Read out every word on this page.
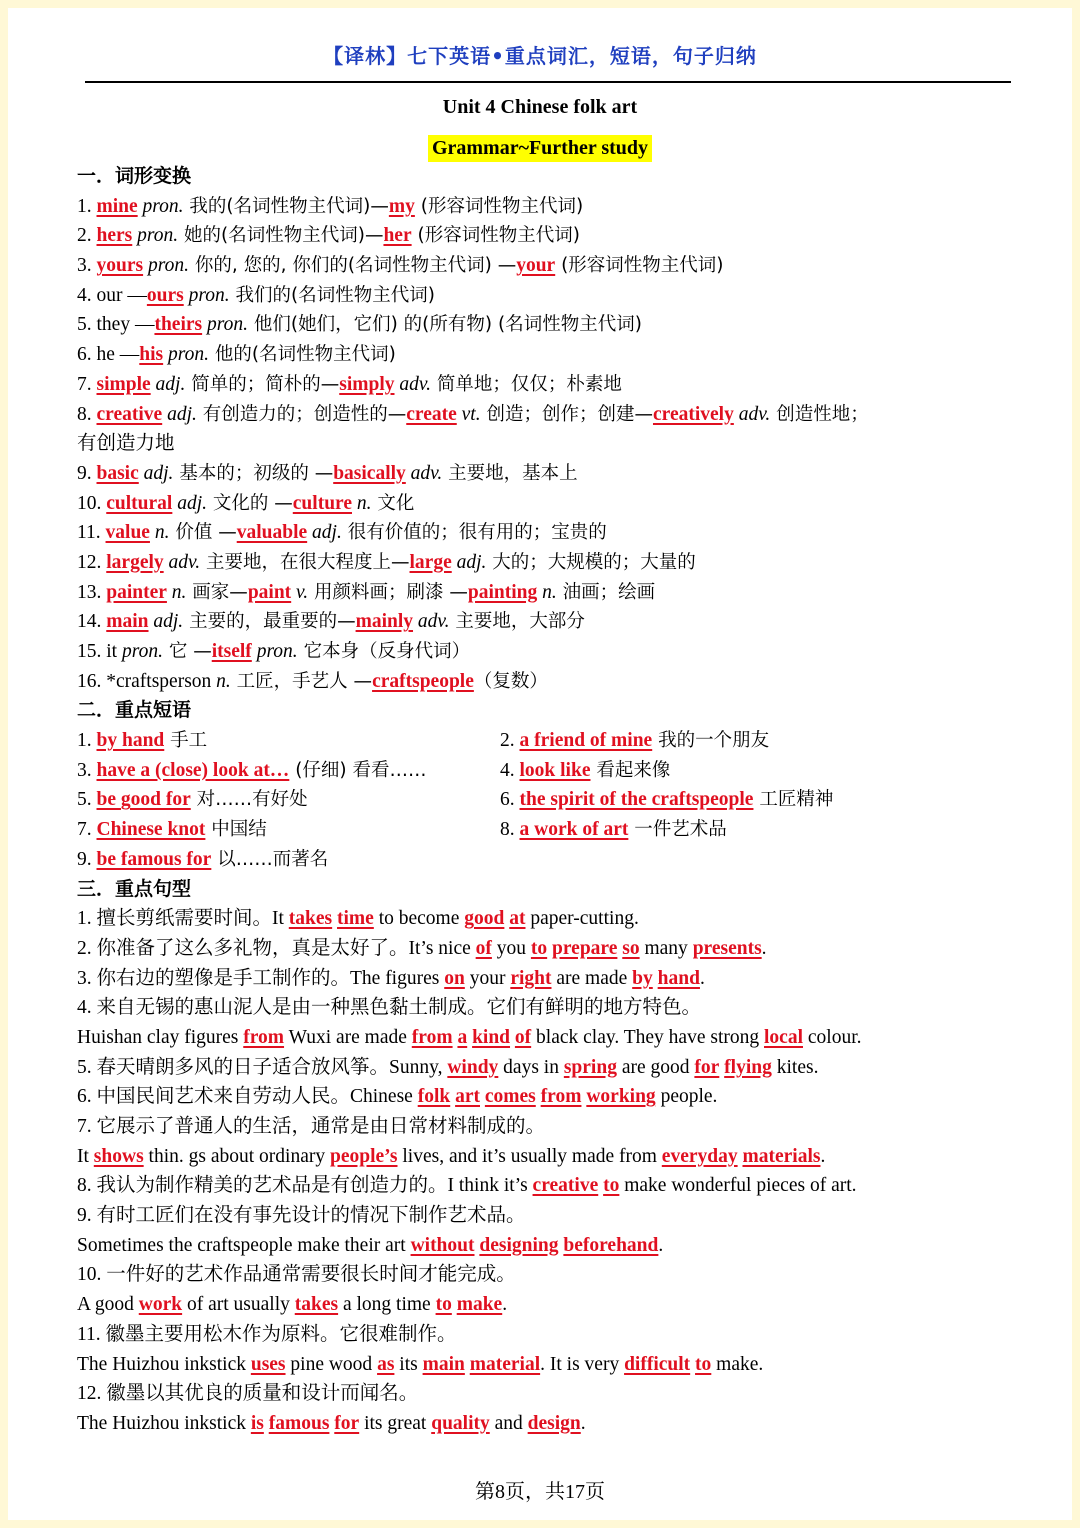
【译林】七下英语•重点词汇，短语，句子归纳
Unit 4 Chinese folk art
Grammar~Further study
一．词形变换
1. mine pron. 我的(名词性物主代词)—my (形容词性物主代词)
2. hers pron. 她的(名词性物主代词)—her (形容词性物主代词)
3. yours pron. 你的, 您的, 你们的(名词性物主代词) —your (形容词性物主代词)
4. our —ours pron. 我们的(名词性物主代词)
5. they —theirs pron. 他们(她们，它们) 的(所有物) (名词性物主代词)
6. he —his pron. 他的(名词性物主代词)
7. simple adj. 简单的；简朴的—simply adv. 简单地；仅仅；朴素地
8. creative adj. 有创造力的；创造性的—create vt. 创造；创作；创建—creatively adv. 创造性地；
有创造力地
9. basic adj. 基本的；初级的 —basically adv. 主要地，基本上
10. cultural adj. 文化的 —culture n. 文化
11. value n. 价值 —valuable adj. 很有价值的；很有用的；宝贵的
12. largely adv. 主要地，在很大程度上—large adj. 大的；大规模的；大量的
13. painter n. 画家—paint v. 用颜料画；刷漆 —painting n. 油画；绘画
14. main adj. 主要的，最重要的—mainly adv. 主要地，大部分
15. it pron. 它 —itself pron. 它本身（反身代词）
16. *craftsperson n. 工匠，手艺人 —craftspeople（复数）
二．重点短语
1. by hand 手工	2. a friend of mine 我的一个朋友
3. have a (close) look at… (仔细) 看看……	4. look like 看起来像
5. be good for 对……有好处	6. the spirit of the craftspeople 工匠精神
7. Chinese knot 中国结	8. a work of art 一件艺术品
9. be famous for 以……而著名
三．重点句型
1. 擅长剪纸需要时间。It takes time to become good at paper-cutting.
2. 你准备了这么多礼物，真是太好了。It’s nice of you to prepare so many presents.
3. 你右边的塑像是手工制作的。The figures on your right are made by hand.
4. 来自无锡的惠山泥人是由一种黑色黏土制成。它们有鲜明的地方特色。
Huishan clay figures from Wuxi are made from a kind of black clay. They have strong local colour.
5. 春天晴朗多风的日子适合放风筝。Sunny, windy days in spring are good for flying kites.
6. 中国民间艺术来自劳动人民。Chinese folk art comes from working people.
7. 它展示了普通人的生活，通常是由日常材料制成的。
It shows thin. gs about ordinary people’s lives, and it’s usually made from everyday materials.
8. 我认为制作精美的艺术品是有创造力的。I think it’s creative to make wonderful pieces of art.
9. 有时工匠们在没有事先设计的情况下制作艺术品。
Sometimes the craftspeople make their art without designing beforehand.
10. 一件好的艺术作品通常需要很长时间才能完成。
A good work of art usually takes a long time to make.
11. 徽墨主要用松木作为原料。它很难制作。
The Huizhou inkstick uses pine wood as its main material. It is very difficult to make.
12. 徽墨以其优良的质量和设计而闻名。
The Huizhou inkstick is famous for its great quality and design.
第8页，共17页
